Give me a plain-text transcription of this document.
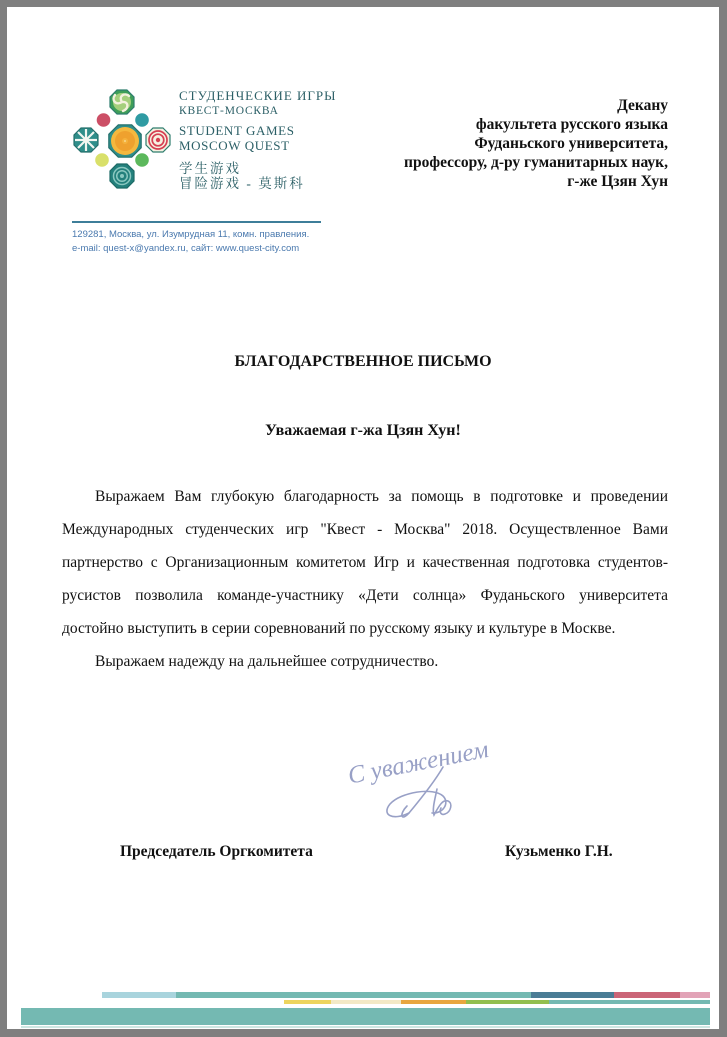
СТУДЕНЧЕСКИЕ ИГРЫ
КВЕСТ-МОСКВА
STUDENT GAMES
MOSCOW QUEST
学生游戏
冒险游戏 - 莫斯科
129281, Москва, ул. Изумрудная 11, комн. правления.
e-mail: quest-x@yandex.ru, сайт: www.quest-city.com
Декану
факультета русского языка
Фуданьского университета,
профессору, д-ру гуманитарных наук,
г-же Цзян Хун
БЛАГОДАРСТВЕННОЕ ПИСЬМО
Уважаемая г-жа Цзян Хун!

Выражаем Вам глубокую благодарность за помощь в подготовке и проведении Международных студенческих игр "Квест - Москва" 2018. Осуществленное Вами партнерство с Организационным комитетом Игр и качественная подготовка студентов-русистов позволила команде-участнику «Дети солнца» Фуданьского университета достойно выступить в серии соревнований по русскому языку и культуре в Москве.

Выражаем надежду на дальнейшее сотрудничество.

С уважением
Председатель Оргкомитета	Кузьменко Г.Н.
